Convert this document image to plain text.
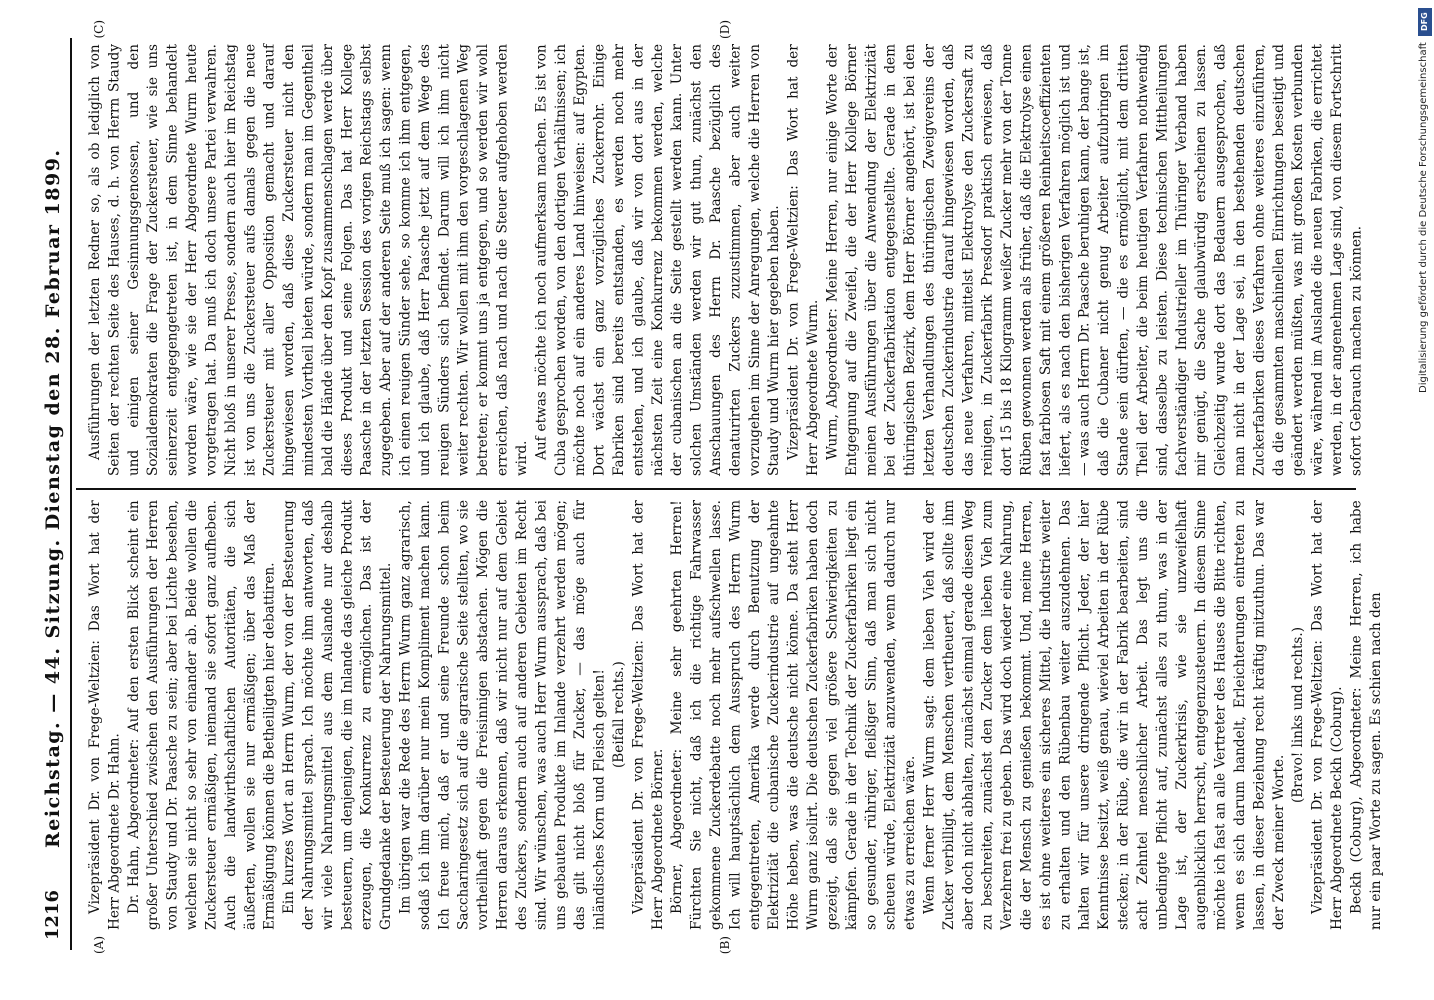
1216
Reichstag. — 44. Sitzung. Dienstag den 28. Februar 1899.
(A)	(B)
(C)	(D)

Vizepräsident Dr. von Frege-Weltzien: Das Wort hat der Herr Abgeordnete Dr. Hahn. Dr. Hahn, Abgeordneter: Auf den ersten Blick scheint ein großer Unterschied zwischen den Ausführungen der Herren von Staudy und Dr. Paasche zu sein; aber bei Lichte besehen, welchen sie nicht so sehr von einander ab. Beide wollen die Zuckersteuer ermäßigen, niemand sie sofort ganz aufheben. Auch die landwirthschaftlichen Autoritäten, die sich äußerten, wollen sie nur ermäßigen; über das Maß der Ermäßigung können die Betheiligten hier debattiren. Ein kurzes Wort an Herrn Wurm, der von der Besteuerung der Nahrungsmittel sprach. Ich möchte ihm antworten, daß wir viele Nahrungsmittel aus dem Auslande nur deshalb besteuern, um denjenigen, die im Inlande das gleiche Produkt erzeugen, die Konkurrenz zu ermöglichen. Das ist der Grundgedanke der Besteuerung der Nahrungsmittel. Im übrigen war die Rede des Herrn Wurm ganz agrarisch, sodaß ich ihm darüber nur mein Kompliment machen kann. Ich freue mich, daß er und seine Freunde schon beim Saccharingesetz sich auf die agrarische Seite stellten, wo sie vortheilhaft gegen die Freisinnigen abstachen. Mögen die Herren daraus erkennen, daß wir nicht nur auf dem Gebiet des Zuckers, sondern auch auf anderen Gebieten im Recht sind. Wir wünschen, was auch Herr Wurm aussprach, daß bei uns gebauten Produkte im Inlande verzehrt werden mögen; das gilt nicht bloß für Zucker, — das möge auch für inländisches Korn und Fleisch gelten! (Beifall rechts.) Vizepräsident Dr. von Frege-Weltzien: Das Wort hat der Herr Abgeordnete Börner. Börner, Abgeordneter: Meine sehr geehrten Herren! Fürchten Sie nicht, daß ich die richtige Fahrwasser gekommene Zuckerdebatte noch mehr aufschwellen lasse. Ich will hauptsächlich dem Ausspruch des Herrn Wurm entgegentreten, Amerika werde durch Benutzung der Elektrizität die cubanische Zuckerindustrie auf ungeahnte Höhe heben, was die deutsche nicht könne. Da steht Herr Wurm ganz isolirt. Die deutschen Zuckerfabriken haben doch gezeigt, daß sie gegen viel größere Schwierigkeiten zu kämpfen. Gerade in der Technik der Zuckerfabriken liegt ein so gesunder, rühriger, fleißiger Sinn, daß man sich nicht scheuen würde, Elektrizität anzuwenden, wenn dadurch nur etwas zu erreichen wäre. Wenn ferner Herr Wurm sagt: dem lieben Vieh wird der Zucker verbilligt, dem Menschen vertheuert, daß sollte ihm aber doch nicht abhalten, zunächst einmal gerade diesen Weg zu beschreiten, zunächst den Zucker dem lieben Vieh zum Verzehren frei zu geben. Das wird doch wieder eine Nahrung, die der Mensch zu genießen bekommt. Und, meine Herren, es ist ohne weiteres ein sicheres Mittel, die Industrie weiter zu erhalten und den Rübenbau weiter auszudehnen. Das halten wir für unsere dringende Pflicht. Jeder, der hier Kenntnisse besitzt, weiß genau, wieviel Arbeiten in der Rübe stecken; in der Rübe, die wir in der Fabrik bearbeiten, sind acht Zehntel menschlicher Arbeit. Das legt uns die unbedingte Pflicht auf, zunächst alles zu thun, was in der Lage ist, der Zuckerkrisis, wie sie unzweifelhaft augenblicklich herrscht, entgegenzusteuern. In diesem Sinne möchte ich fast an alle Vertreter des Hauses die Bitte richten, wenn es sich darum handelt, Erleichterungen eintreten zu lassen, in dieser Beziehung recht kräftig mitzuthun. Das war der Zweck meiner Worte.

(Bravo! links und rechts.) Vizepräsident Dr. von Frege-Weltzien: Das Wort hat der Herr Abgeordnete Beckh (Coburg). Beckh (Coburg), Abgeordneter: Meine Herren, ich habe nur ein paar Worte zu sagen. Es schien nach den

Ausführungen der letzten Redner so, als ob lediglich von Seiten der rechten Seite des Hauses, d. h. von Herrn Staudy und einigen seiner Gesinnungsgenossen, und den Sozialdemokraten die Frage der Zuckersteuer, wie sie uns seinerzeit entgegengetreten ist, in dem Sinne behandelt worden wäre, wie sie der Herr Abgeordnete Wurm heute vorgetragen hat. Da muß ich doch unsere Partei verwahren. Nicht bloß in unserer Presse, sondern auch hier im Reichstag ist von uns die Zuckersteuer aufs damals gegen die neue Zuckersteuer mit aller Opposition gemacht und darauf hingewiesen worden, daß diese Zuckersteuer nicht den mindesten Vortheil bieten würde, sondern man im Gegentheil bald die Hände über den Kopf zusammenschlagen werde über dieses Produkt und seine Folgen. Das hat Herr Kollege Paasche in der letzten Session des vorigen Reichstags selbst zugegeben. Aber auf der anderen Seite muß ich sagen: wenn ich einen reuigen Sünder sehe, so komme ich ihm entgegen, und ich glaube, daß Herr Paasche jetzt auf dem Wege des reuigen Sünders sich befindet. Darum will ich ihm nicht weiter rechten. Wir wollen mit ihm den vorgeschlagenen Weg betreten; er kommt uns ja entgegen, und so werden wir wohl erreichen, daß nach und nach die Steuer aufgehoben werden wird. Auf etwas möchte ich noch aufmerksam machen. Es ist von Cuba gesprochen worden, von den dortigen Verhältnissen; ich möchte noch auf ein anderes Land hinweisen: auf Egypten. Dort wächst ein ganz vorzügliches Zuckerrohr. Einige Fabriken sind bereits entstanden, es werden noch mehr entstehen, und ich glaube, daß wir von dort aus in der nächsten Zeit eine Konkurrenz bekommen werden, welche der cubanischen an die Seite gestellt werden kann. Unter solchen Umständen werden wir gut thun, zunächst den Anschauungen des Herrn Dr. Paasche bezüglich des denaturirten Zuckers zuzustimmen, aber auch weiter vorzugehen im Sinne der Anregungen, welche die Herren von Staudy und Wurm hier gegeben haben. Vizepräsident Dr. von Frege-Weltzien: Das Wort hat der Herr Abgeordnete Wurm. Wurm, Abgeordneter: Meine Herren, nur einige Worte der Entgegnung auf die Zweifel, die der Herr Kollege Börner meinen Ausführungen über die Anwendung der Elektrizität bei der Zuckerfabrikation entgegenstellte. Gerade in dem thüringischen Bezirk, dem Herr Börner angehört, ist bei den letzten Verhandlungen des thüringischen Zweigvereins der deutschen Zuckerindustrie darauf hingewiesen worden, daß das neue Verfahren, mittelst Elektrolyse den Zuckersaft zu reinigen, in Zuckerfabrik Presdorf praktisch erwiesen, daß dort 15 bis 18 Kilogramm weißer Zucker mehr von der Tonne Rüben gewonnen werden als früher, daß die Elektrolyse einen fast farblosen Saft mit einem größeren Reinheitscoeffizienten liefert, als es nach den bisherigen Verfahren möglich ist und — was auch Herrn Dr. Paasche beruhigen kann, der bange ist, daß die Cubaner nicht genug Arbeiter aufzubringen im Stande sein dürften, — die es ermöglicht, mit dem dritten Theil der Arbeiter, die beim heutigen Verfahren nothwendig sind, dasselbe zu leisten. Diese technischen Mittheilungen fachverständiger Industrieller im Thüringer Verband haben mir genügt, die Sache glaubwürdig erscheinen zu lassen. Gleichzeitig wurde dort das Bedauern ausgesprochen, daß man nicht in der Lage sei, in den bestehenden deutschen Zuckerfabriken dieses Verfahren ohne weiteres einzuführen, da die gesammten maschinellen Einrichtungen beseitigt und geändert werden müßten, was mit großen Kosten verbunden wäre, während im Auslande die neuen Fabriken, die errichtet werden, in der angenehmen Lage sind, von diesem Fortschritt sofort Gebrauch machen zu können.

DFG
Digitalisierung gefördert durch die Deutsche Forschungsgemeinschaft
